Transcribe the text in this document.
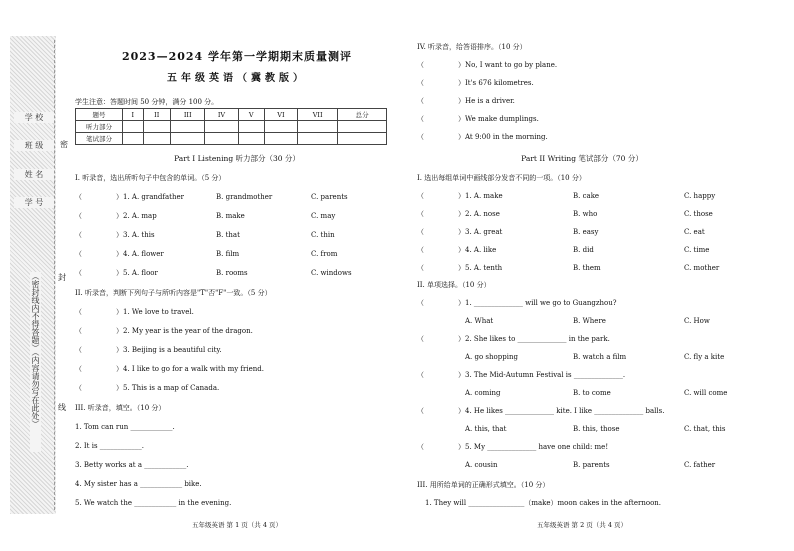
学 校
班 级
姓 名
学 号
密
封
线
（密封线内不得答题）（内容请勿写在此处）
2023—2024 学年第一学期期末质量测评
五年级英语（冀教版）
学生注意：答题时间 50 分钟，满分 100 分。
题号	I	II	III	IV	V	VI	VII	总分
听力部分								
笔试部分								
Part I Listening 听力部分（30 分）
I. 听录音，选出所听句子中包含的单词。（5 分）
（	）1. A. grandfather	B. grandmother	C. parents
（	）2. A. map	B. make	C. may
（	）3. A. this	B. that	C. thin
（	）4. A. flower	B. film	C. from
（	）5. A. floor	B. rooms	C. windows
II. 听录音，判断下列句子与所听内容是"T"否"F"一致。（5 分）
（	）1. We love to travel.
（	）2. My year is the year of the dragon.
（	）3. Beijing is a beautiful city.
（	）4. I like to go for a walk with my friend.
（	）5. This is a map of Canada.
III. 听录音，填空。（10 分）
1. Tom can run ____________.
2. It is ____________.
3. Betty works at a ____________.
4. My sister has a ____________ bike.
5. We watch the ____________ in the evening.
五年级英语 第 1 页（共 4 页）
IV. 听录音，给答语排序。（10 分）
（	）No, I want to go by plane.
（	）It's 676 kilometres.
（	）He is a driver.
（	）We make dumplings.
（	）At 9:00 in the morning.
Part II Writing 笔试部分（70 分）
I. 选出每组单词中画线部分发音不同的一项。（10 分）
（	）1. A. make	B. cake	C. happy
（	）2. A. nose	B. who	C. those
（	）3. A. great	B. easy	C. eat
（	）4. A. like	B. did	C. time
（	）5. A. tenth	B. them	C. mother
II. 单项选择。（10 分）
（	）1. ______________ will we go to Guangzhou?
A. What	B. Where	C. How
（	）2. She likes to ______________ in the park.
A. go shopping	B. watch a film	C. fly a kite
（	）3. The Mid-Autumn Festival is ______________.
A. coming	B. to come	C. will come
（	）4. He likes ______________ kite. I like ______________ balls.
A. this, that	B. this, those	C. that, this
（	）5. My ______________ have one child: me!
A. cousin	B. parents	C. father
III. 用所给单词的正确形式填空。（10 分）
1. They will ________________（make）moon cakes in the afternoon.
五年级英语 第 2 页（共 4 页）
